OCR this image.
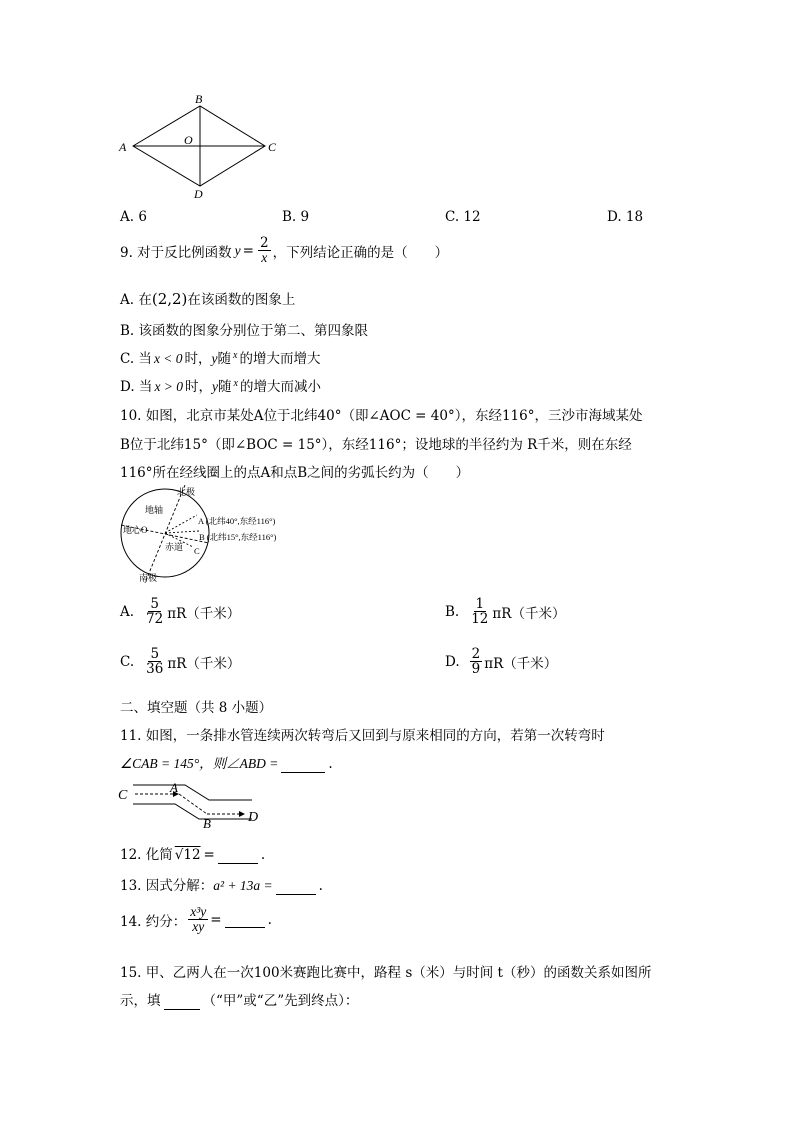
B
A	O	C
D
A. 6	B. 9	C. 12	D. 18
9. 对于反比例函数 $y = \frac{2}{x}$ ，下列结论正确的是（　　）
A. 在(2,2)在该函数的图象上
B. 该函数的图象分别位于第二、第四象限
C. 当 x < 0 时，y随 $^x$ 的增大而增大
D. 当 x > 0 时，y随 $^x$ 的增大而减小
10. 如图，北京市某处A位于北纬40°（即∠AOC = 40°），东经116°，三沙市海域某处
B位于北纬15°（即∠BOC = 15°），东经116°；设地球的半径约为 R千米，则在东经
116°所在经线圈上的点A和点B之间的劣弧长约为（　　）
北极
南极
地轴
地心O
赤道
A (北纬40°,东经116°)
B (北纬15°,东经116°)
C
A. $\frac{5}{72} \pi R$（千米）	B. $\frac{1}{12} \pi R$（千米）
C. $\frac{5}{36} \pi R$（千米）	D. $\frac{2}{9} \pi R$（千米）
二、填空题（共 8 小题）
11. 如图，一条排水管连续两次转弯后又回到与原来相同的方向，若第一次转弯时
∠CAB = 145°，则∠ABD =	.
C
A
B	D
12. 化简 √12 =	.
13. 因式分解：a² + 13a =	.
14. 约分： $\frac{\text{x³y}}{xy}$ =
	.
15. 甲、乙两人在一次100米赛跑比赛中，路程 s（米）与时间 t（秒）的函数关系如图所
示，填	（“甲”或“乙”先到终点）：
